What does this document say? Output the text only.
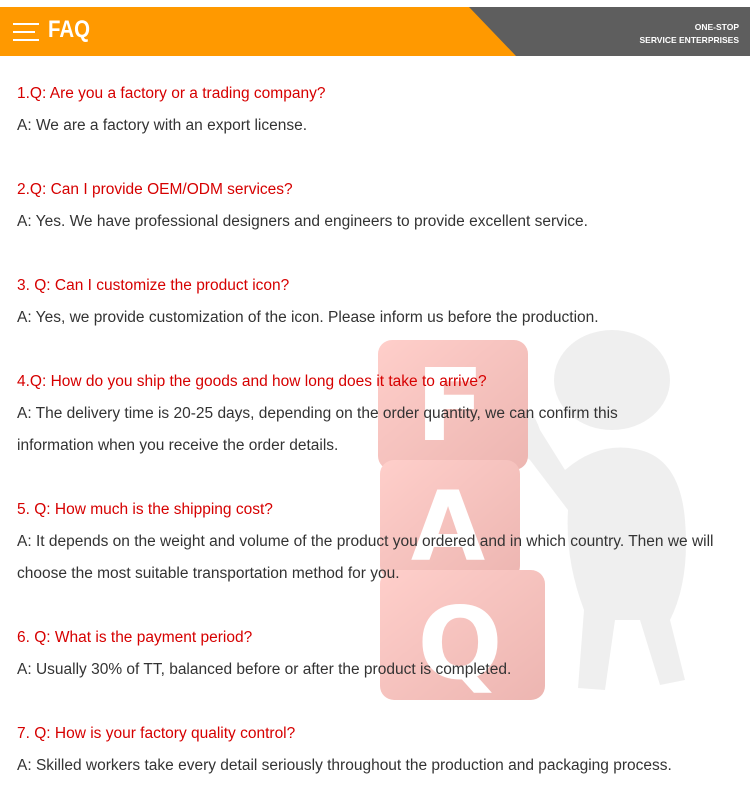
FAQ	ONE-STOP
SERVICE ENTERPRISES
F
A
Q
1.Q: Are you a factory or a trading company?
A: We are a factory with an export license.
2.Q: Can I provide OEM/ODM services?
A: Yes. We have professional designers and engineers to provide excellent service.
3. Q: Can I customize the product icon?
A: Yes, we provide customization of the icon. Please inform us before the production.
4.Q: How do you ship the goods and how long does it take to arrive?
A: The delivery time is 20-25 days, depending on the order quantity, we can confirm this information when you receive the order details.
5. Q: How much is the shipping cost?
A: It depends on the weight and volume of the product you ordered and in which country. Then we will choose the most suitable transportation method for you.
6. Q: What is the payment period?
A: Usually 30% of TT, balanced before or after the product is completed.
7. Q: How is your factory quality control?
A: Skilled workers take every detail seriously throughout the production and packaging process.
